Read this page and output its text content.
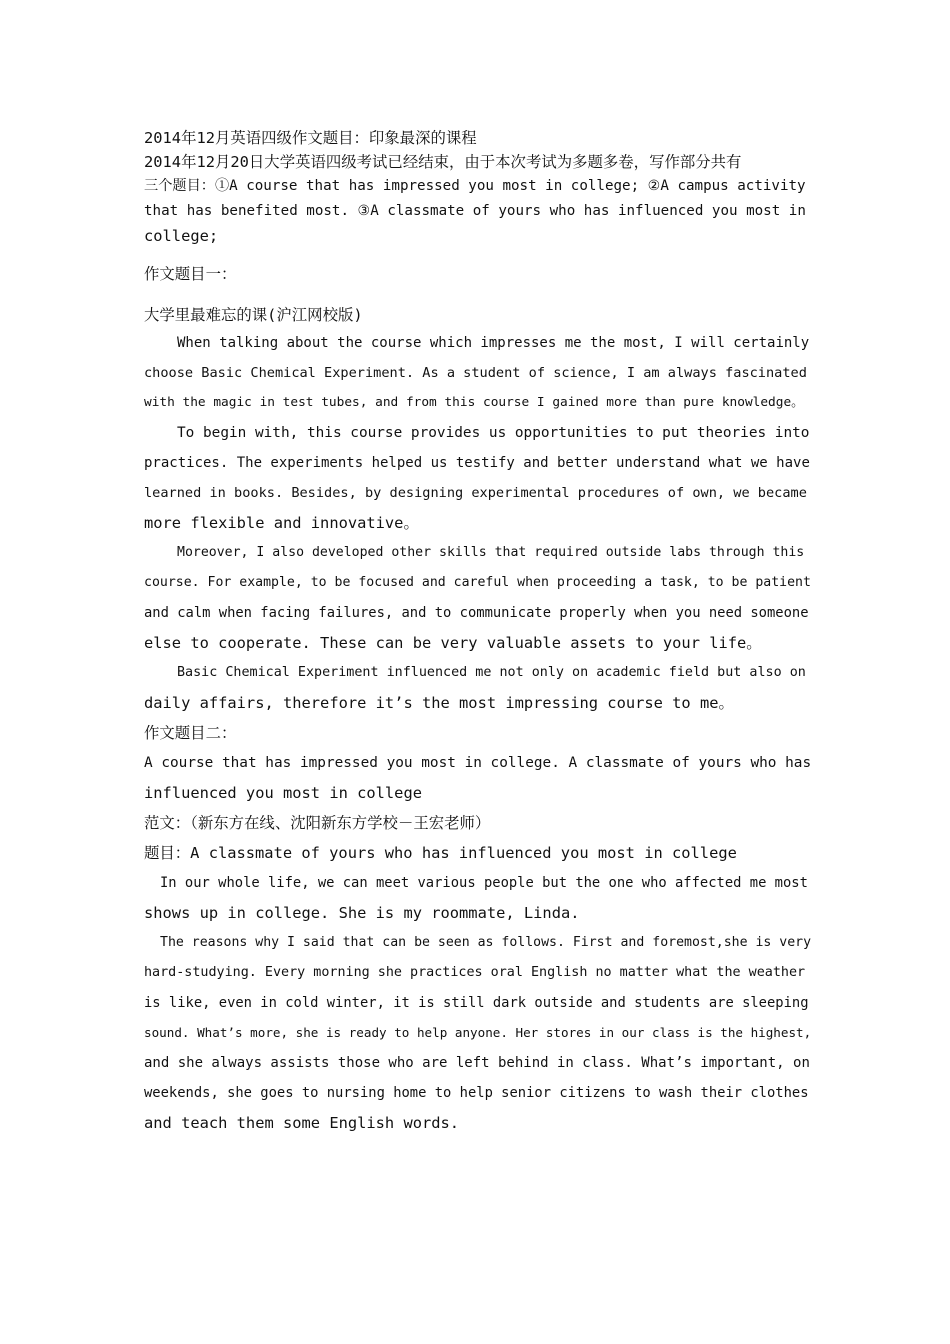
2014年12月英语四级作文题目：印象最深的课程
2014年12月20日大学英语四级考试已经结束，由于本次考试为多题多卷，写作部分共有
三个题目：①A course that has impressed you most in college; ②A campus activity
that has benefited most. ③A classmate of yours who has influenced you most in
college;
作文题目一：
大学里最难忘的课(沪江网校版)
When talking about the course which impresses me the most, I will certainly
choose Basic Chemical Experiment. As a student of science, I am always fascinated
with the magic in test tubes, and from this course I gained more than pure knowledge。
To begin with, this course provides us opportunities to put theories into
practices. The experiments helped us testify and better understand what we have
learned in books. Besides, by designing experimental procedures of own, we became
more flexible and innovative。
Moreover, I also developed other skills that required outside labs through this
course. For example, to be focused and careful when proceeding a task, to be patient
and calm when facing failures, and to communicate properly when you need someone
else to cooperate. These can be very valuable assets to your life。
Basic Chemical Experiment influenced me not only on academic field but also on
daily affairs, therefore it’s the most impressing course to me。
作文题目二：
A course that has impressed you most in college. A classmate of yours who has
influenced you most in college
范文：（新东方在线、沈阳新东方学校－王宏老师）
题目：A classmate of yours who has influenced you most in college
In our whole life, we can meet various people but the one who affected me most
shows up in college. She is my roommate, Linda.
The reasons why I said that can be seen as follows. First and foremost,she is very
hard-studying. Every morning she practices oral English no matter what the weather
is like, even in cold winter, it is still dark outside and students are sleeping
sound. What’s more, she is ready to help anyone. Her stores in our class is the highest,
and she always assists those who are left behind in class. What’s important, on
weekends, she goes to nursing home to help senior citizens to wash their clothes
and teach them some English words.
